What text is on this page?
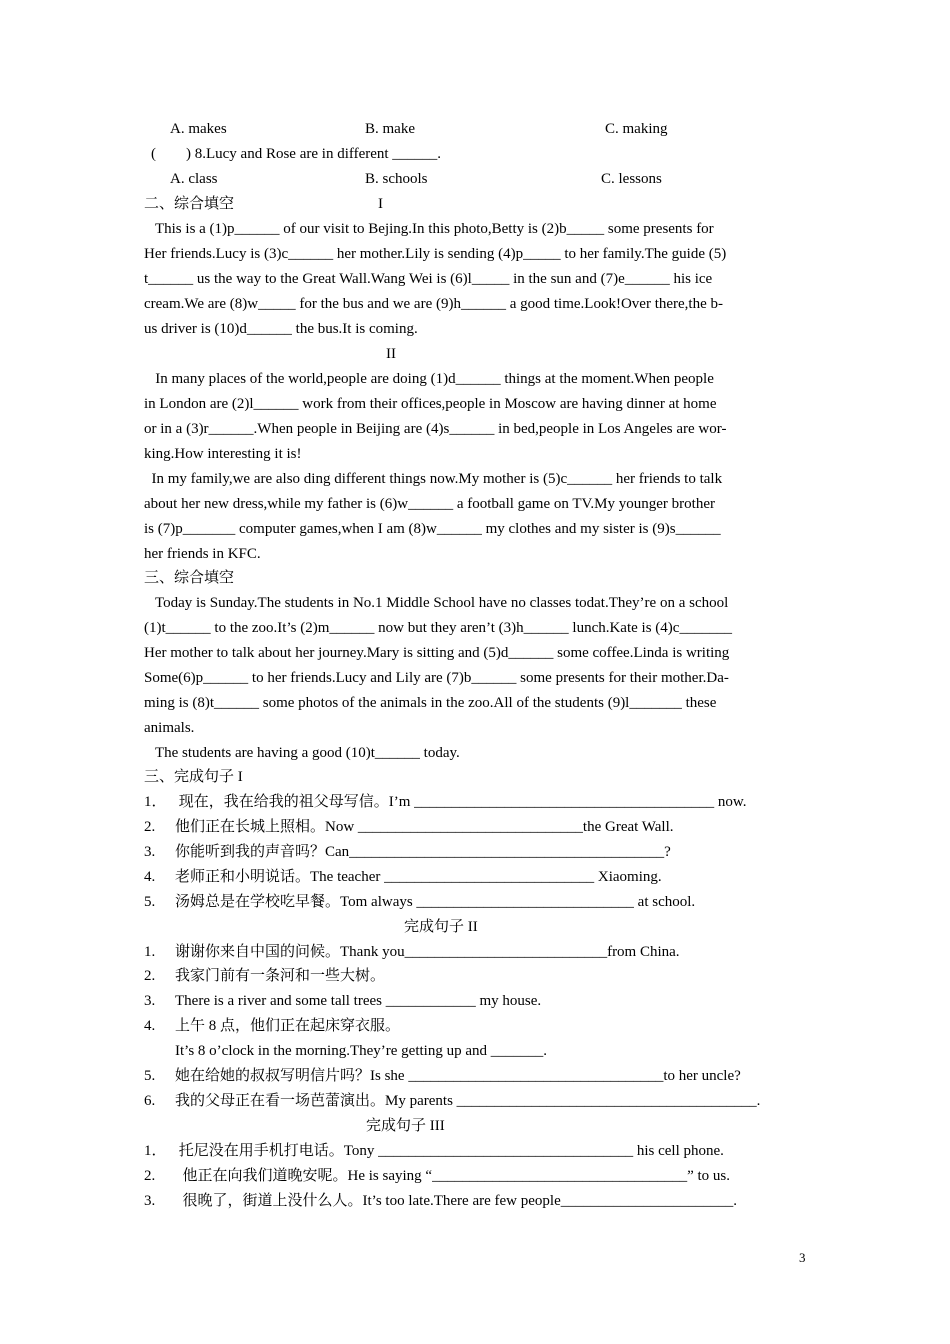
A. makes	B. make	C. making
(        ) 8.Lucy and Rose are in different ______.
A. class	B. schools	C. lessons
二、综合填空	I
This is a (1)p______ of our visit to Bejing.In this photo,Betty is (2)b_____ some presents for
Her friends.Lucy is (3)c______ her mother.Lily is sending (4)p_____ to her family.The guide (5)
t______ us the way to the Great Wall.Wang Wei is (6)l_____ in the sun and (7)e______ his ice
cream.We are (8)w_____ for the bus and we are (9)h______ a good time.Look!Over there,the b-
us driver is (10)d______ the bus.It is coming.
II
In many places of the world,people are doing (1)d______ things at the moment.When people
in London are (2)l______ work from their offices,people in Moscow are having dinner at home
or in a (3)r______.When people in Beijing are (4)s______ in bed,people in Los Angeles are wor-
king.How interesting it is!
In my family,we are also ding different things now.My mother is (5)c______ her friends to talk
about her new dress,while my father is (6)w______ a football game on TV.My younger brother
is (7)p_______ computer games,when I am (8)w______ my clothes and my sister is (9)s______
her friends in KFC.
三、综合填空
Today is Sunday.The students in No.1 Middle School have no classes todat.They’re on a school
(1)t______ to the zoo.It’s (2)m______ now but they aren’t (3)h______ lunch.Kate is (4)c_______
Her mother to talk about her journey.Mary is sitting and (5)d______ some coffee.Linda is writing
Some(6)p______ to her friends.Lucy and Lily are (7)b______ some presents for their mother.Da-
ming is (8)t______ some photos of the animals in the zoo.All of the students (9)l_______ these
animals.
The students are having a good (10)t______ today.
三、完成句子 I
1． 现在，我在给我的祖父母写信。I’m ________________________________________ now.
2. 他们正在长城上照相。Now ______________________________the Great Wall.
3. 你能听到我的声音吗？Can__________________________________________?
4. 老师正和小明说话。The teacher ____________________________ Xiaoming.
5. 汤姆总是在学校吃早餐。Tom always _____________________________ at school.
完成句子 II
1. 谢谢你来自中国的问候。Thank you___________________________from China.
2. 我家门前有一条河和一些大树。
3. There is a river and some tall trees ____________ my house.
4. 上午 8 点，他们正在起床穿衣服。
It’s 8 o’clock in the morning.They’re getting up and _______.
5. 她在给她的叔叔写明信片吗？Is she __________________________________to her uncle?
6. 我的父母正在看一场芭蕾演出。My parents ________________________________________.
完成句子 III
1． 托尼没在用手机打电话。Tony __________________________________ his cell phone.
2. 他正在向我们道晚安呢。He is saying “__________________________________” to us.
3. 很晚了，街道上没什么人。It’s too late.There are few people_______________________.
3
